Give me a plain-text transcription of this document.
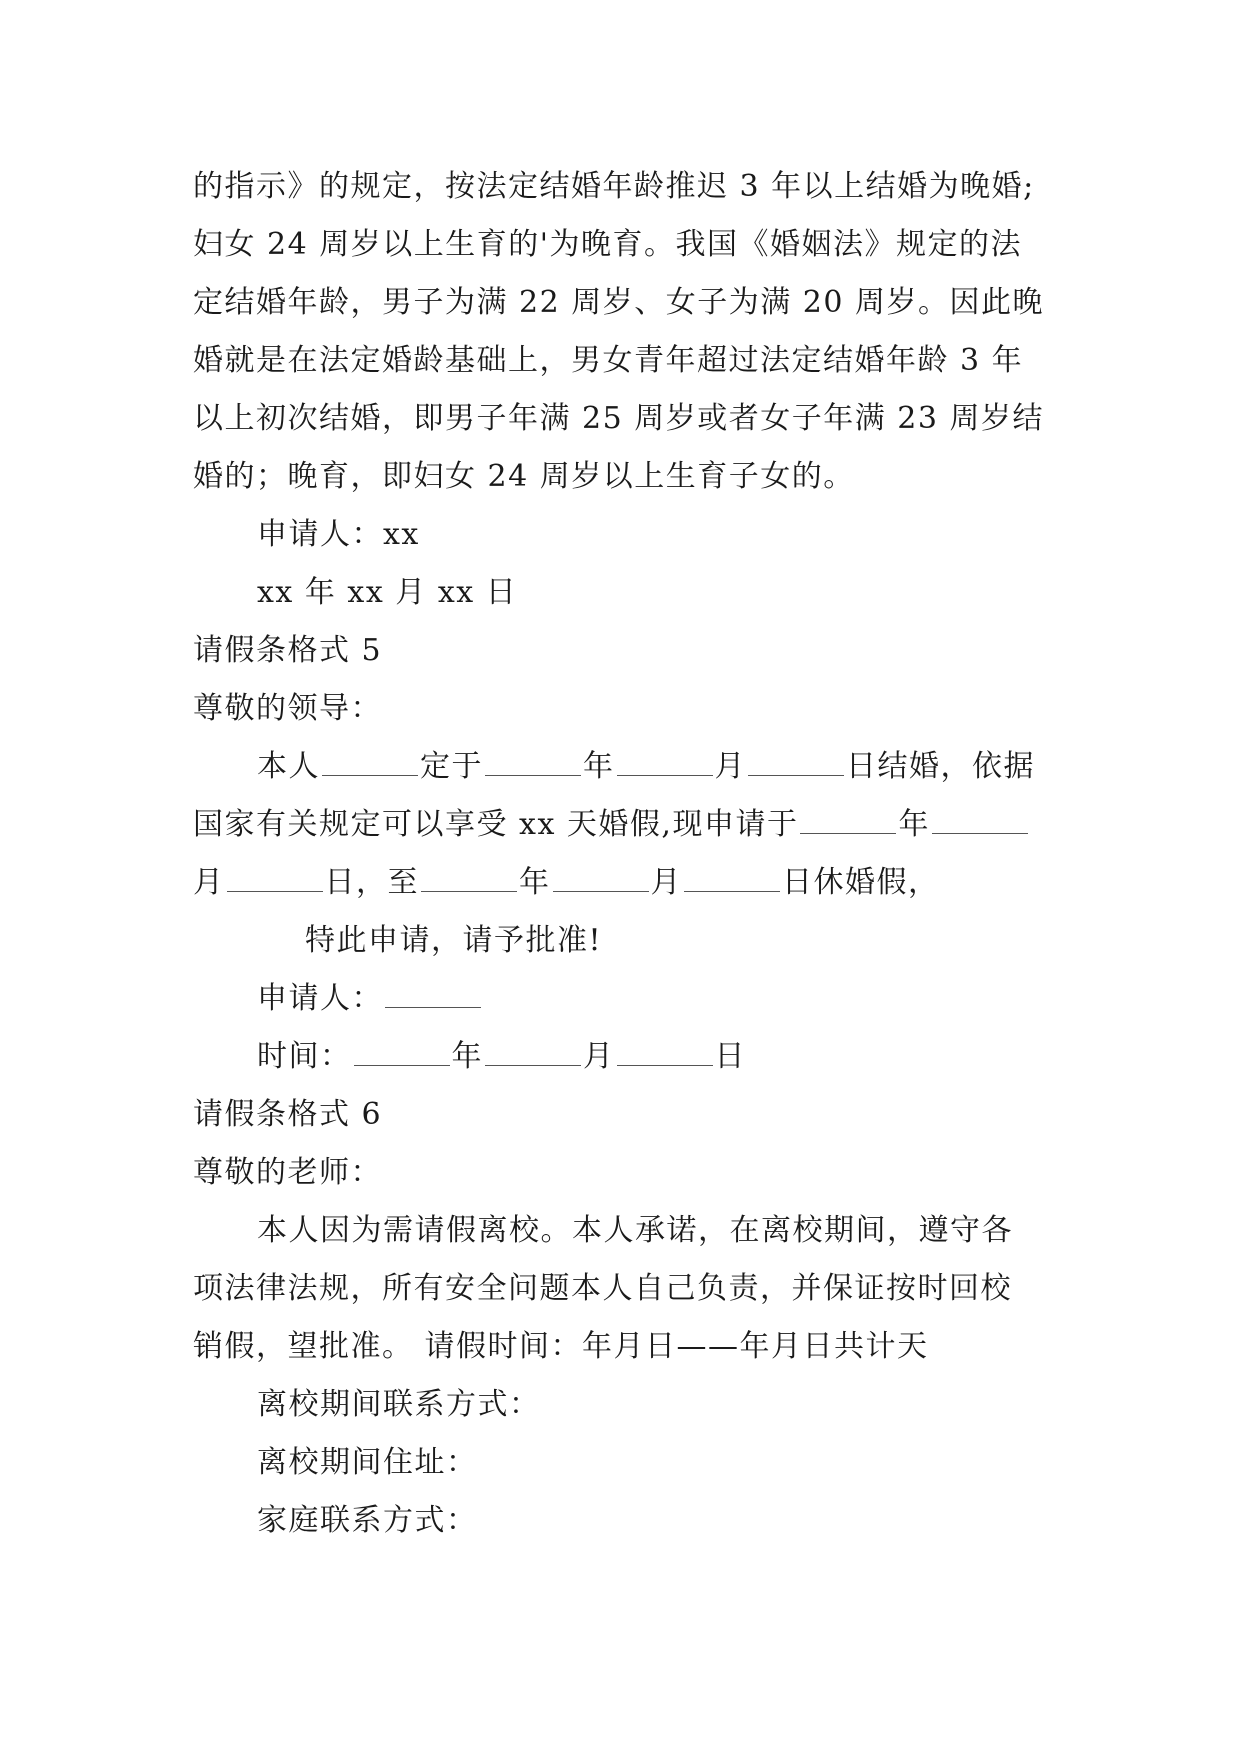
的指示》的规定，按法定结婚年龄推迟 3 年以上结婚为晚婚;
妇女 24 周岁以上生育的'为晚育。我国《婚姻法》规定的法
定结婚年龄，男子为满 22 周岁、女子为满 20 周岁。因此晚
婚就是在法定婚龄基础上，男女青年超过法定结婚年龄 3 年
以上初次结婚，即男子年满 25 周岁或者女子年满 23 周岁结
婚的；晚育，即妇女 24 周岁以上生育子女的。
申请人：xx
xx 年 xx 月 xx 日
请假条格式 5
尊敬的领导：
本人	定于	年	月	日结婚，依据
国家有关规定可以享受 xx 天婚假,现申请于	年
月	日，至	年	月	日休婚假，
特此申请，请予批准!
申请人：
时间：	年	月	日
请假条格式 6
尊敬的老师：
本人因为需请假离校。本人承诺，在离校期间，遵守各
项法律法规，所有安全问题本人自己负责，并保证按时回校
销假，望批准。 请假时间：年月日——年月日共计天
离校期间联系方式：
离校期间住址：
家庭联系方式：
